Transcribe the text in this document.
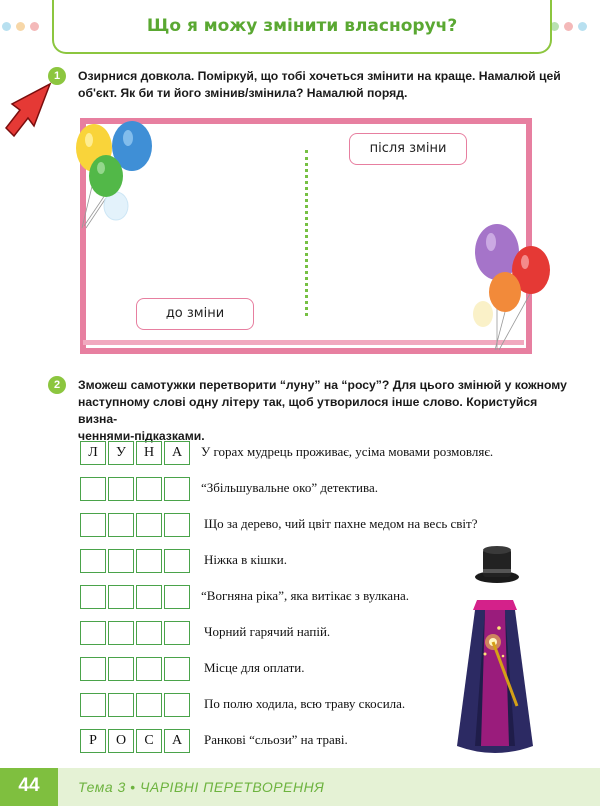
Що я можу змінити власноруч?
1	Озирнися довкола. Поміркуй, що тобі хочеться змінити на краще. Намалюй цей
об'єкт. Як би ти його змінив/змінила? Намалюй поряд.
після зміни
до зміни
2	Зможеш самотужки перетворити “луну” на “росу”? Для цього змінюй у кожному
наступному слові одну літеру так, щоб утворилося інше слово. Користуйся визна-
ченнями-підказками.
Л	У	Н	А	У горах мудрець проживає, усіма мовами розмовляє.
“Збільшувальне око” детектива.
Що за дерево, чий цвіт пахне медом на весь світ?
Ніжка в кішки.
“Вогняна ріка”, яка витікає з вулкана.
Чорний гарячий напій.
Місце для оплати.
По полю ходила, всю траву скосила.
Р	О	С	А	Ранкові “сльози” на траві.
44	Тема 3 • ЧАРІВНІ ПЕРЕТВОРЕННЯ
